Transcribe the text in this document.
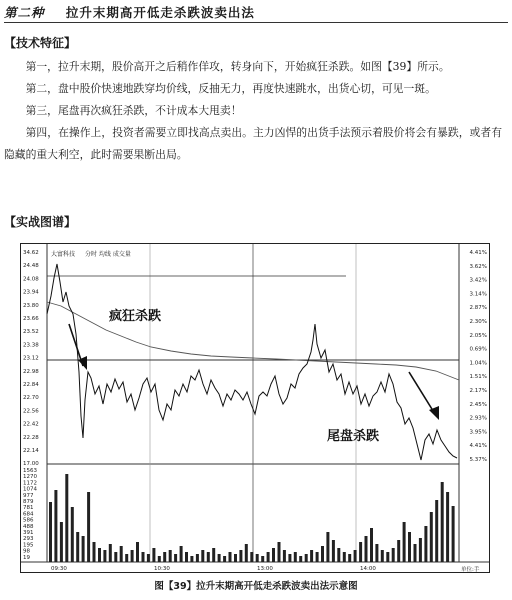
第二种 拉升末期高开低走杀跌波卖出法
【技术特征】

第一，拉升末期，股价高开之后稍作佯攻，转身向下，开始疯狂杀跌。如图【39】所示。

第二，盘中股价快速地跌穿均价线，反抽无力，再度快速跳水，出货心切，可见一斑。

第三，尾盘再次疯狂杀跌，不计成本大甩卖！

第四，在操作上，投资者需要立即找高点卖出。主力凶悍的出货手法预示着股价将会有暴跌，或者有隐藏的重大利空，此时需要果断出局。

【实战图谱】
大富科技 分时 均线 成交量
34.62
24.48
24.08
23.94
23.80
23.66
23.52
23.38
23.12
22.98
22.84
22.70
22.56
22.42
22.28
22.14
17.00
4.41%
3.62%
3.42%
3.14%
2.87%
2.30%
2.05%
0.69%
1.04%
1.51%
2.17%
2.45%
2.93%
3.95%
4.41%
5.37%
1563
1270
1172
1074
977
879
781
684
586
488
391
293
195
98
19
09:30	10:30	13:00	14:00
疯狂杀跌
尾盘杀跌
单位:手
图【39】拉升末期高开低走杀跌波卖出法示意图
